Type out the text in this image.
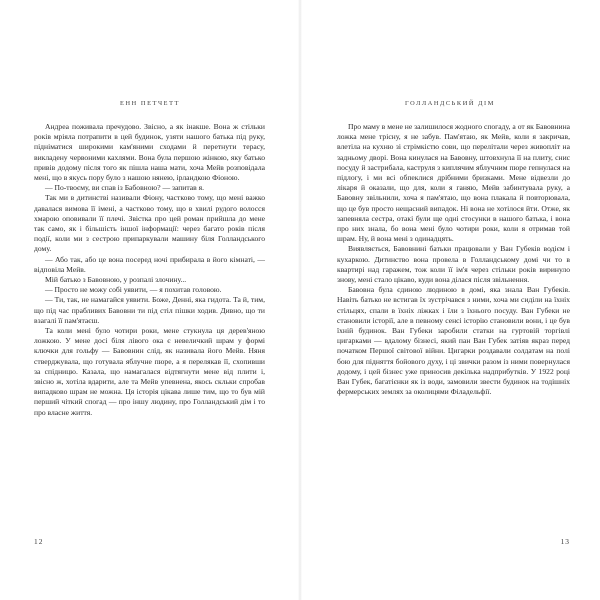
ЕНН ПЕТЧЕТТ

Андреа поживала пречудово. Звісно, а як інакше. Вона ж стільки років мріяла потрапити в цей будинок, узяти нашого батька під руку, підніматися широкими кам'яними сходами й перетнути терасу, викладену червоними кахлями. Вона була першою жінкою, яку батько привів додому після того як пішла наша мати, хоча Мейв розповідала мені, що в якусь пору було з нашою нянею, ірландкою Фіоною.

— По-твоєму, ви спав із Бабовною? — запитав я.

Так ми в дитинстві називали Фіону, частково тому, що мені важко давалася вимова її імені, а частково тому, що в хвилі рудого волосся хмарою оповивали її плечі. Звістка про цей роман прийшла до мене так само, як і більшість іншої інформації: через багато років після події, коли ми з сестрою припаркували машину біля Голландського дому.

— Або так, або це вона посеред ночі прибирала в його кімнаті, — відповіла Мейв.

Мій батько з Бавовною, у розпалі злочину...

— Просто не можу собі уявити, — я похитав головою.

— Ти, так, не намагайся уявити. Боже, Денні, яка гидота. Та й, тим, що під час прабливих Бавовни ти під стіл пішки ходив. Дивно, що ти взагалі її пам'ятаєш.

Та коли мені було чотири роки, мене стукнула ця дерев'яною ложкою. У мене досі біля лівого ока є невеличкий шрам у формі ключки для гольфу — Бавовнин слід, як називала його Мейв. Няня стверджувала, що готувала яблучне пюре, а я перелякав її, схопивши за спідницю. Казала, що намагалася відтягнути мене від плити і, звісно ж, хотіла вдарити, але та Мейв упевнена, якось скльки спробав випадково шрам не можна. Ця історія цікава лише тим, що то був мій перший чіткий спогад — про іншу людину, про Голландський дім і то про власне життя.

12
ГОЛЛАНДСЬКИЙ ДІМ

Про маму в мене не залишилося жодного спогаду, а от як Бавовнина ложка мене трісну, я не забув. Пам'ятаю, як Мейв, коли я закричав, влетіла на кухню зі стрімкістю сови, що перелітали через живопліт на задньому дворі. Вона кинулася на Бавовну, штовхнула її на плиту, снис посуду й застрибала, каструля з киплячим яблучним пюре гепнулася на підлогу, і ми всі обпеклися дрібними бризками. Мене відвезли до лікаря й оказали, що для, коли я ганяю, Мейв забинтувала руку, а Бавовну звільнили, хоча я пам'ятаю, що вона плакала й повторювала, що це був просто нещасний випадок. Ні вона не хотілося йти. Отже, як запевняла сестра, отакі були ще одні стосунки в нашого батька, і вона про них знала, бо вона мені було чотири роки, коли я отримав той шрам. Ну, й вона мені з одинадцять.

Виявляється, Бавовнині батьки працювали у Ван Губеків водієм і кухаркою. Дитинство вона провела в Голландському домі чи то в квартирі над гаражем, тож коли її ім'я через стільки років виринуло знову, мені стало цікаво, куди вона ділася після звільнення.

Бавовна була єдиною людиною в домі, яка знала Ван Губеків. Навіть батько не встигав їх зустрічався з ними, хоча ми сиділи на їхніх стільцях, спали в їхніх ліжках і їли з їхнього посуду. Ван Губеки не становили історії, але в певному сенсі історію становили вони, і це був їхній будинок. Ван Губеки заробили статки на гуртовій торгівлі цигарками — вдалому бізнесі, який пан Ван Губек затіяв якраз перед початком Першої світової війни. Цигарки роздавали солдатам на полі бою для підняття бойового духу, і ці звички разом із ними повернулася додому, і цей бізнес уже приносив декілька надприбутків. У 1922 році Ван Губек, багатієнки як із води, замовили звести будинок на тодішніх фермерських землях за околицями Філадельфії.

13
